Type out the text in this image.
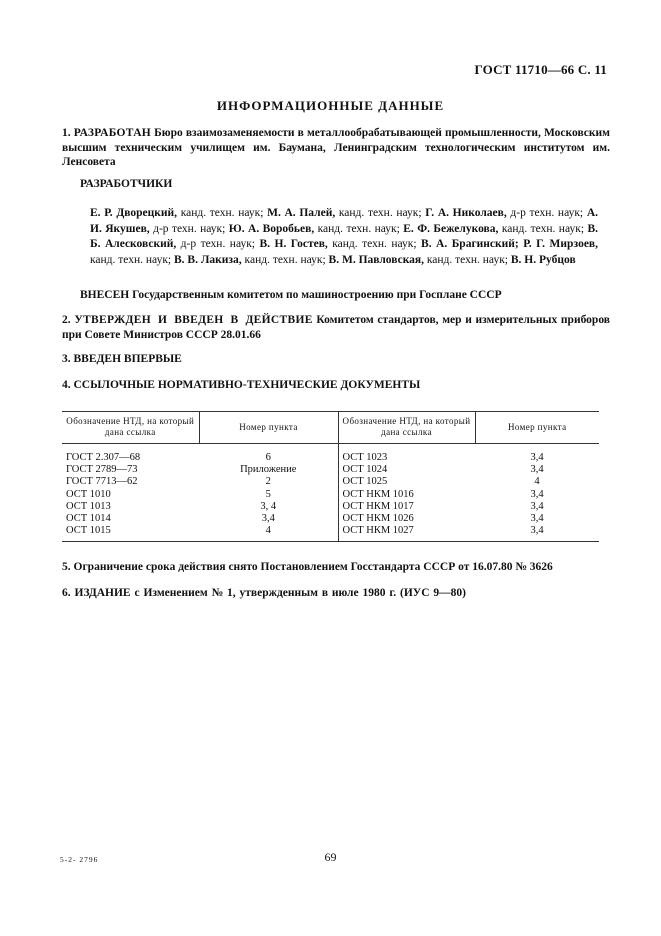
ГОСТ 11710—66 С. 11
ИНФОРМАЦИОННЫЕ ДАННЫЕ
1. РАЗРАБОТАН Бюро взаимозаменяемости в металлообрабатывающей промышленности, Московским высшим техническим училищем им. Баумана, Ленинградским технологическим институтом им. Ленсовета
РАЗРАБОТЧИКИ
Е. Р. Дворецкий, канд. техн. наук; М. А. Палей, канд. техн. наук; Г. А. Николаев, д-р техн. наук; А. И. Якушев, д-р техн. наук; Ю. А. Воробьев, канд. техн. наук; Е. Ф. Бежелукова, канд. техн. наук; В. Б. Алесковский, д-р техн. наук; В. Н. Гостев, канд. техн. наук; В. А. Брагинский; Р. Г. Мирзоев, канд. техн. наук; В. В. Лакиза, канд. техн. наук; В. М. Павловская, канд. техн. наук; В. Н. Рубцов
ВНЕСЕН Государственным комитетом по машиностроению при Госплане СССР
2. УТВЕРЖДЕН И ВВЕДЕН В ДЕЙСТВИЕ Комитетом стандартов, мер и измерительных приборов при Совете Министров СССР 28.01.66
3. ВВЕДЕН ВПЕРВЫЕ
4. ССЫЛОЧНЫЕ НОРМАТИВНО-ТЕХНИЧЕСКИЕ ДОКУМЕНТЫ
Обозначение НТД, на который дана ссылка	Номер пункта	Обозначение НТД, на который дана ссылка	Номер пункта
ГОСТ 2.307—68	6	ОСТ 1023	3,4
ГОСТ 2789—73	Приложение	ОСТ 1024	3,4
ГОСТ 7713—62	2	ОСТ 1025	4
ОСТ 1010	5	ОСТ НКМ 1016	3,4
ОСТ 1013	3, 4	ОСТ НКМ 1017	3,4
ОСТ 1014	3,4	ОСТ НКМ 1026	3,4
ОСТ 1015	4	ОСТ НКМ 1027	3,4
5. Ограничение срока действия снято Постановлением Госстандарта СССР от 16.07.80 № 3626
6. ИЗДАНИЕ с Изменением № 1, утвержденным в июле 1980 г. (ИУС 9—80)
5-2- 2796	69
